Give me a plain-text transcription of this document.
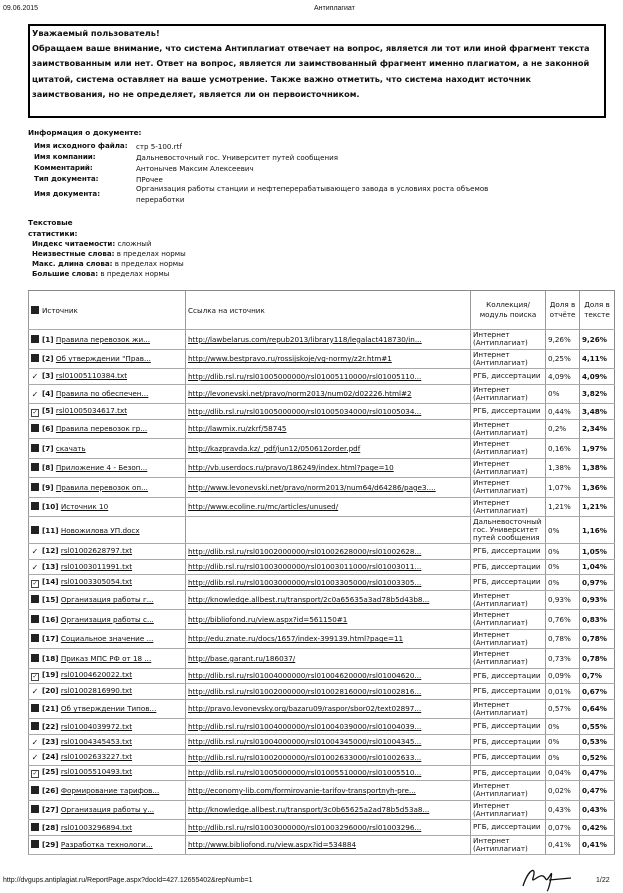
09.06.2015	Антиплагиат
Уважаемый пользователь!
Обращаем ваше внимание, что система Антиплагиат отвечает на вопрос, является ли тот или иной фрагмент текста заимствованным или нет. Ответ на вопрос, является ли заимствованный фрагмент именно плагиатом, а не законной цитатой, система оставляет на ваше усмотрение. Также важно отметить, что система находит источник заимствования, но не определяет, является ли он первоисточником.
Информация о документе:
Имя исходного файла: стр 5-100.rtf
Имя компании:	Дальневосточный гос. Университет путей сообщения
Комментарий:	Антонычев Максим Алексеевич
Тип документа:	ПРочее
Имя документа:
Организация работы станции и нефтеперерабатывающего завода в условиях роста объемов переработки
Текстовые статистики:
Индекс читаемости: сложный
Неизвестные слова: в пределах нормы
Макс. длина слова: в пределах нормы
Большие слова: в пределах нормы
Источник	Ссылка на источник	Коллекция/ модуль поиска	Доля в отчёте	Доля в тексте
[1] Правила перевозок жи...	http://lawbelarus.com/repub2013/library118/legalact418730/in...	Интернет (Антиплагиат)	9,26%	9,26%
[2] Об утверждении "Прав...	http://www.bestpravo.ru/rossijskoje/vg-normy/z2r.htm#1	Интернет (Антиплагиат)	0,25%	4,11%
✓ [3] rsl01005110384.txt	http://dlib.rsl.ru/rsl01005000000/rsl01005110000/rsl01005110...	РГБ, диссертации	4,09%	4,09%
✓ [4] Правила по обеспечен...	http://levonevski.net/pravo/norm2013/num02/d02226.html#2	Интернет (Антиплагиат)	0%	3,82%
✓ [5] rsl01005034617.txt	http://dlib.rsl.ru/rsl01005000000/rsl01005034000/rsl01005034...	РГБ, диссертации	0,44%	3,48%
[6] Правила перевозок гр...	http://lawmix.ru/zkrf/58745	Интернет (Антиплагиат)	0,2%	2,34%
[7] скачать	http://kazpravda.kz/_pdf/jun12/050612order.pdf	Интернет (Антиплагиат)	0,16%	1,97%
[8] Приложение 4 - Безоп...	http://vb.userdocs.ru/pravo/186249/index.html?page=10	Интернет (Антиплагиат)	1,38%	1,38%
[9] Правила перевозок оп...	http://www.levonevski.net/pravo/norm2013/num64/d64286/page3....	Интернет (Антиплагиат)	1,07%	1,36%
[10] Источник 10	http://www.ecoline.ru/mc/articles/unused/	Интернет (Антиплагиат)	1,21%	1,21%
[11] Новожилова УП.docx		Дальневосточный гос. Университет путей сообщения	0%	1,16%
✓ [12] rsl01002628797.txt	http://dlib.rsl.ru/rsl01002000000/rsl01002628000/rsl01002628...	РГБ, диссертации	0%	1,05%
✓ [13] rsl01003011991.txt	http://dlib.rsl.ru/rsl01003000000/rsl01003011000/rsl01003011...	РГБ, диссертации	0%	1,04%
✓ [14] rsl01003305054.txt	http://dlib.rsl.ru/rsl01003000000/rsl01003305000/rsl01003305...	РГБ, диссертации	0%	0,97%
[15] Организация работы г...	http://knowledge.allbest.ru/transport/2c0a65635a3ad78b5d43b8...	Интернет (Антиплагиат)	0,93%	0,93%
[16] Организация работы с...	http://bibliofond.ru/view.aspx?id=561150#1	Интернет (Антиплагиат)	0,76%	0,83%
[17] Социальное значение ...	http://edu.znate.ru/docs/1657/index-399139.html?page=11	Интернет (Антиплагиат)	0,78%	0,78%
[18] Приказ МПС РФ от 18 ...	http://base.garant.ru/186037/	Интернет (Антиплагиат)	0,73%	0,78%
✓ [19] rsl01004620022.txt	http://dlib.rsl.ru/rsl01004000000/rsl01004620000/rsl01004620...	РГБ, диссертации	0,09%	0,7%
✓ [20] rsl01002816990.txt	http://dlib.rsl.ru/rsl01002000000/rsl01002816000/rsl01002816...	РГБ, диссертации	0,01%	0,67%
[21] Об утверждении Типов...	http://pravo.levonevsky.org/bazaru09/raspor/sbor02/text02897...	Интернет (Антиплагиат)	0,57%	0,64%
[22] rsl01004039972.txt	http://dlib.rsl.ru/rsl01004000000/rsl01004039000/rsl01004039...	РГБ, диссертации	0%	0,55%
✓ [23] rsl01004345453.txt	http://dlib.rsl.ru/rsl01004000000/rsl01004345000/rsl01004345...	РГБ, диссертации	0%	0,53%
✓ [24] rsl01002633227.txt	http://dlib.rsl.ru/rsl01002000000/rsl01002633000/rsl01002633...	РГБ, диссертации	0%	0,52%
✓ [25] rsl01005510493.txt	http://dlib.rsl.ru/rsl01005000000/rsl01005510000/rsl01005510...	РГБ, диссертации	0,04%	0,47%
[26] Формирование тарифов...	http://economy-lib.com/formirovanie-tarifov-transportnyh-pre...	Интернет (Антиплагиат)	0,02%	0,47%
[27] Организация работы у...	http://knowledge.allbest.ru/transport/3c0b65625a2ad78b5d53a8...	Интернет (Антиплагиат)	0,43%	0,43%
[28] rsl01003296894.txt	http://dlib.rsl.ru/rsl01003000000/rsl01003296000/rsl01003296...	РГБ, диссертации	0,07%	0,42%
[29] Разработка технологи...	http://www.bibliofond.ru/view.aspx?id=534884	Интернет (Антиплагиат)	0,41%	0,41%
http://dvgups.antiplagiat.ru/ReportPage.aspx?docId=427.12655402&repNumb=1	1/22
